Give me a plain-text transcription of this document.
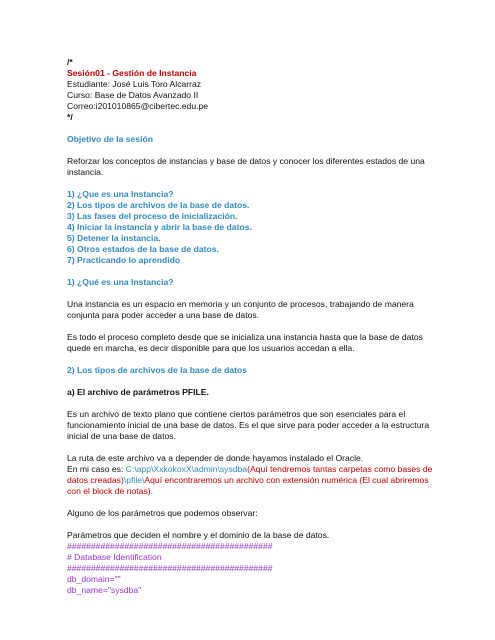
/*

Sesión01 - Gestión de Instancia

Estudiante: José Luis Toro Alcarraz

Curso: Base de Datos Avanzado II

Correo:i201010865@cibertec.edu.pe

*/

Objetivo de la sesión

Reforzar los conceptos de instancias y base de datos y conocer los diferentes estados de una instancia.

1) ¿Que es una Instancia?

2) Los tipos de archivos de la base de datos.

3) Las fases del proceso de inicialización.

4) Iniciar la instancia y abrir la base de datos.

5) Detener la instancia.

6) Otros estados de la base de datos.

7) Practicando lo aprendido

1) ¿Qué es una Instancia?

Una instancia es un espacio en memoria y un conjunto de procesos, trabajando de manera conjunta para poder acceder a una base de datos.

Es todo el proceso completo desde que se inicializa una instancia hasta que la base de datos quede en marcha, es decir disponible para que los usuarios accedan a ella.

2) Los tipos de archivos de la base de datos

a) El archivo de parámetros PFILE.

Es un archivo de texto plano que contiene ciertos parámetros que son esenciales para el funcionamiento inicial de una base de datos. Es el que sirve para poder acceder a la estructura inicial de una base de datos.

La ruta de este archivo va a depender de donde hayamos instalado el Oracle.

En mi caso es: C:\app\XxkokoxX\admin\sysdba(Aquí tendremos tantas carpetas como bases de datos creadas)\pfile\Aquí encontraremos un archivo con extensión numérica (El cual abriremos con el block de notas).

Alguno de los parámetros que podemos observar:

Parámetros que deciden el nombre y el dominio de la base de datos.

###########################################

# Database Identification

###########################################

db_domain=""

db_name="sysdba"
